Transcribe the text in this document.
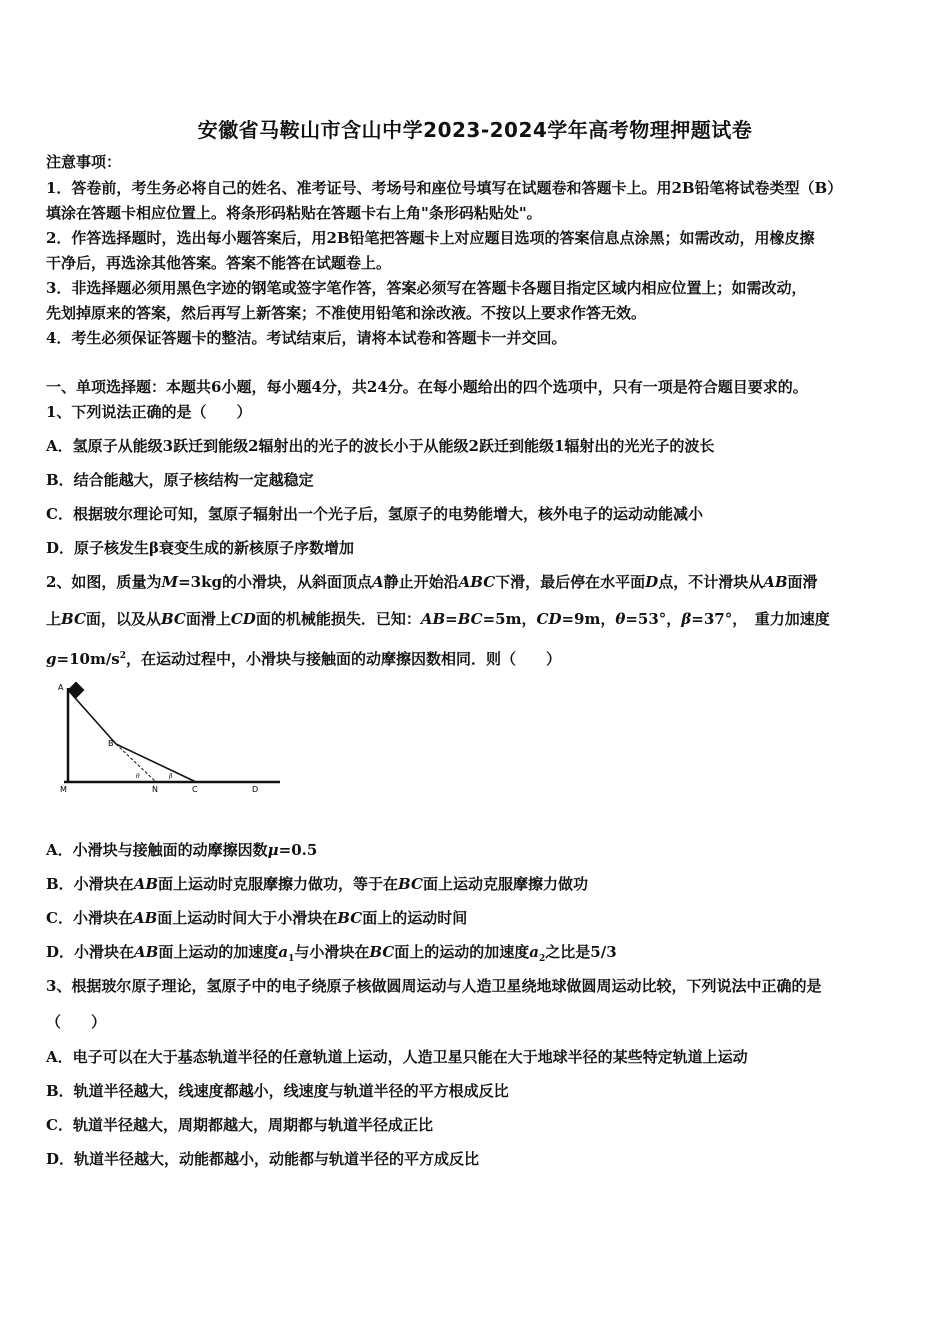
安徽省马鞍山市含山中学2023-2024学年高考物理押题试卷
注意事项：
1．答卷前，考生务必将自己的姓名、准考证号、考场号和座位号填写在试题卷和答题卡上。用2B铅笔将试卷类型（B）
填涂在答题卡相应位置上。将条形码粘贴在答题卡右上角"条形码粘贴处"。
2．作答选择题时，选出每小题答案后，用2B铅笔把答题卡上对应题目选项的答案信息点涂黑；如需改动，用橡皮擦
干净后，再选涂其他答案。答案不能答在试题卷上。
3．非选择题必须用黑色字迹的钢笔或签字笔作答，答案必须写在答题卡各题目指定区域内相应位置上；如需改动，
先划掉原来的答案，然后再写上新答案；不准使用铅笔和涂改液。不按以上要求作答无效。
4．考生必须保证答题卡的整洁。考试结束后，请将本试卷和答题卡一并交回。
一、单项选择题：本题共6小题，每小题4分，共24分。在每小题给出的四个选项中，只有一项是符合题目要求的。
1、下列说法正确的是（　　）
A．氢原子从能级3跃迁到能级2辐射出的光子的波长小于从能级2跃迁到能级1辐射出的光光子的波长
B．结合能越大，原子核结构一定越稳定
C．根据玻尔理论可知，氢原子辐射出一个光子后，氢原子的电势能增大，核外电子的运动动能减小
D．原子核发生β衰变生成的新核原子序数增加
2、如图，质量为M=3kg的小滑块，从斜面顶点A静止开始沿ABC下滑，最后停在水平面D点，不计滑块从AB面滑
上BC面，以及从BC面滑上CD面的机械能损失．已知：AB=BC=5m，CD=9m，θ=53°，β=37°，　重力加速度
$g=10m/s^2$，在运动过程中，小滑块与接触面的动摩擦因数相同．则（　　）
A
B
M	N	C	D
θ	β
A．小滑块与接触面的动摩擦因数μ=0.5
B．小滑块在AB面上运动时克服摩擦力做功，等于在BC面上运动克服摩擦力做功
C．小滑块在AB面上运动时间大于小滑块在BC面上的运动时间
D．小滑块在AB面上运动的加速度$a_1$与小滑块在BC面上的运动的加速度$a_2$之比是5/3
3、根据玻尔原子理论，氢原子中的电子绕原子核做圆周运动与人造卫星绕地球做圆周运动比较，下列说法中正确的是
（　　）
A．电子可以在大于基态轨道半径的任意轨道上运动，人造卫星只能在大于地球半径的某些特定轨道上运动
B．轨道半径越大，线速度都越小，线速度与轨道半径的平方根成反比
C．轨道半径越大，周期都越大，周期都与轨道半径成正比
D．轨道半径越大，动能都越小，动能都与轨道半径的平方成反比
